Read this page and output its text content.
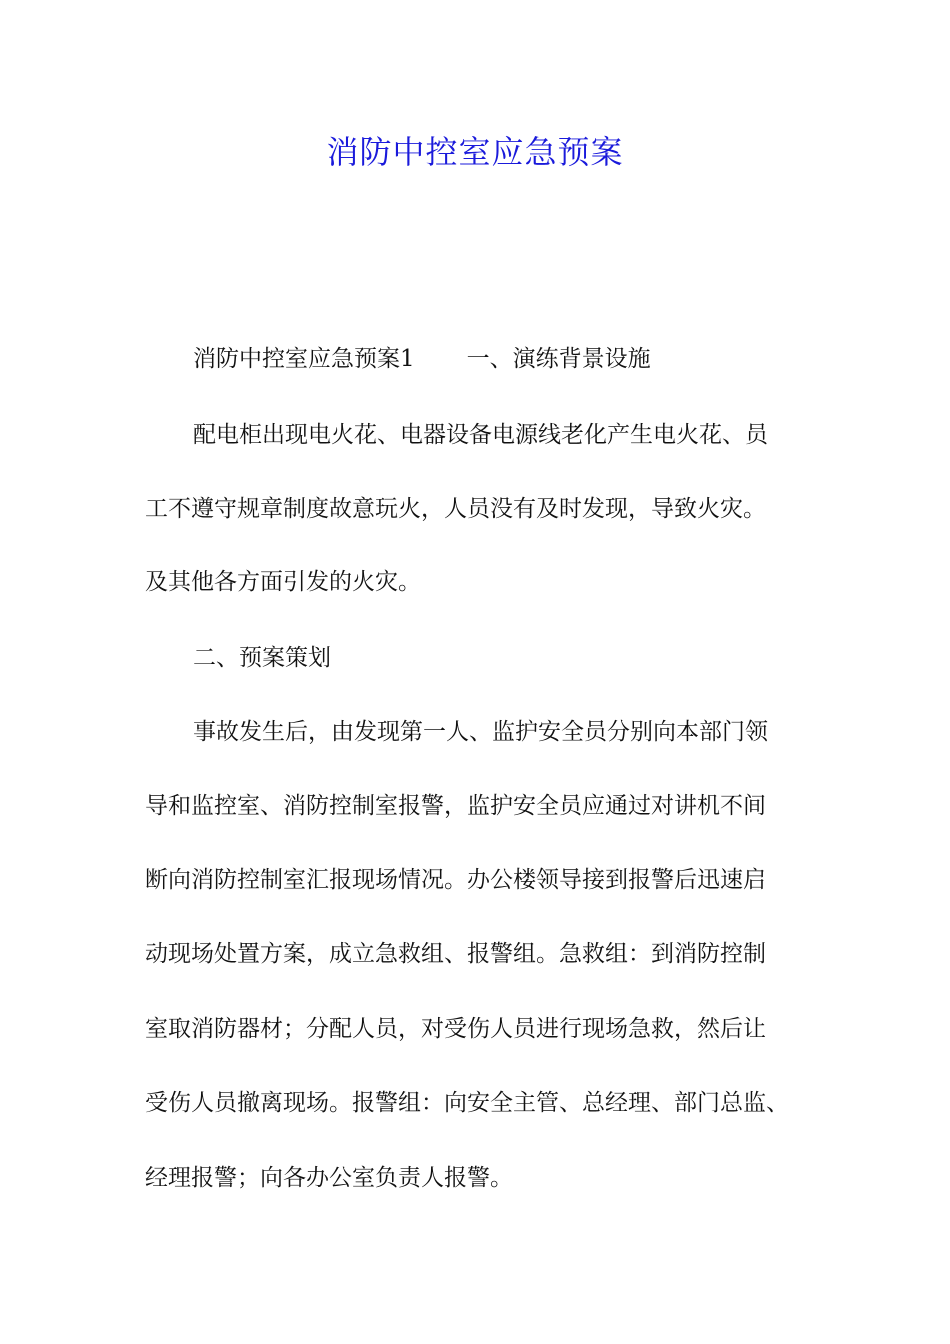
消防中控室应急预案

消防中控室应急预案1 一、演练背景设施

配电柜出现电火花、电器设备电源线老化产生电火花、员

工不遵守规章制度故意玩火，人员没有及时发现，导致火灾。

及其他各方面引发的火灾。

二、预案策划

事故发生后，由发现第一人、监护安全员分别向本部门领

导和监控室、消防控制室报警，监护安全员应通过对讲机不间

断向消防控制室汇报现场情况。办公楼领导接到报警后迅速启

动现场处置方案，成立急救组、报警组。急救组：到消防控制

室取消防器材；分配人员，对受伤人员进行现场急救，然后让

受伤人员撤离现场。报警组：向安全主管、总经理、部门总监、

经理报警；向各办公室负责人报警。
